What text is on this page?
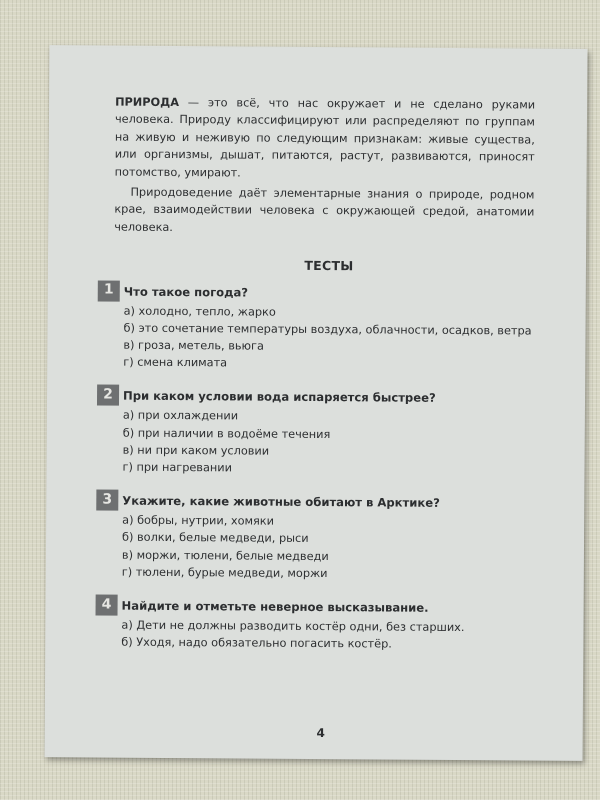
ПРИРОДА — это всё, что нас окружает и не сделано руками человека. Природу классифицируют или распределяют по группам на живую и неживую по следующим признакам: живые существа, или организмы, дышат, питаются, растут, развиваются, приносят потомство, умирают.

Природоведение даёт элементарные знания о природе, родном крае, взаимодействии человека с окружающей средой, анатомии человека.

ТЕСТЫ
1 Что такое погода?
а) холодно, тепло, жарко
б) это сочетание температуры воздуха, облачности, осадков, ветра
в) гроза, метель, вьюга
г) смена климата
2 При каком условии вода испаряется быстрее?
а) при охлаждении
б) при наличии в водоёме течения
в) ни при каком условии
г) при нагревании
3 Укажите, какие животные обитают в Арктике?
а) бобры, нутрии, хомяки
б) волки, белые медведи, рыси
в) моржи, тюлени, белые медведи
г) тюлени, бурые медведи, моржи
4 Найдите и отметьте неверное высказывание.
а) Дети не должны разводить костёр одни, без старших.
б) Уходя, надо обязательно погасить костёр.
4
